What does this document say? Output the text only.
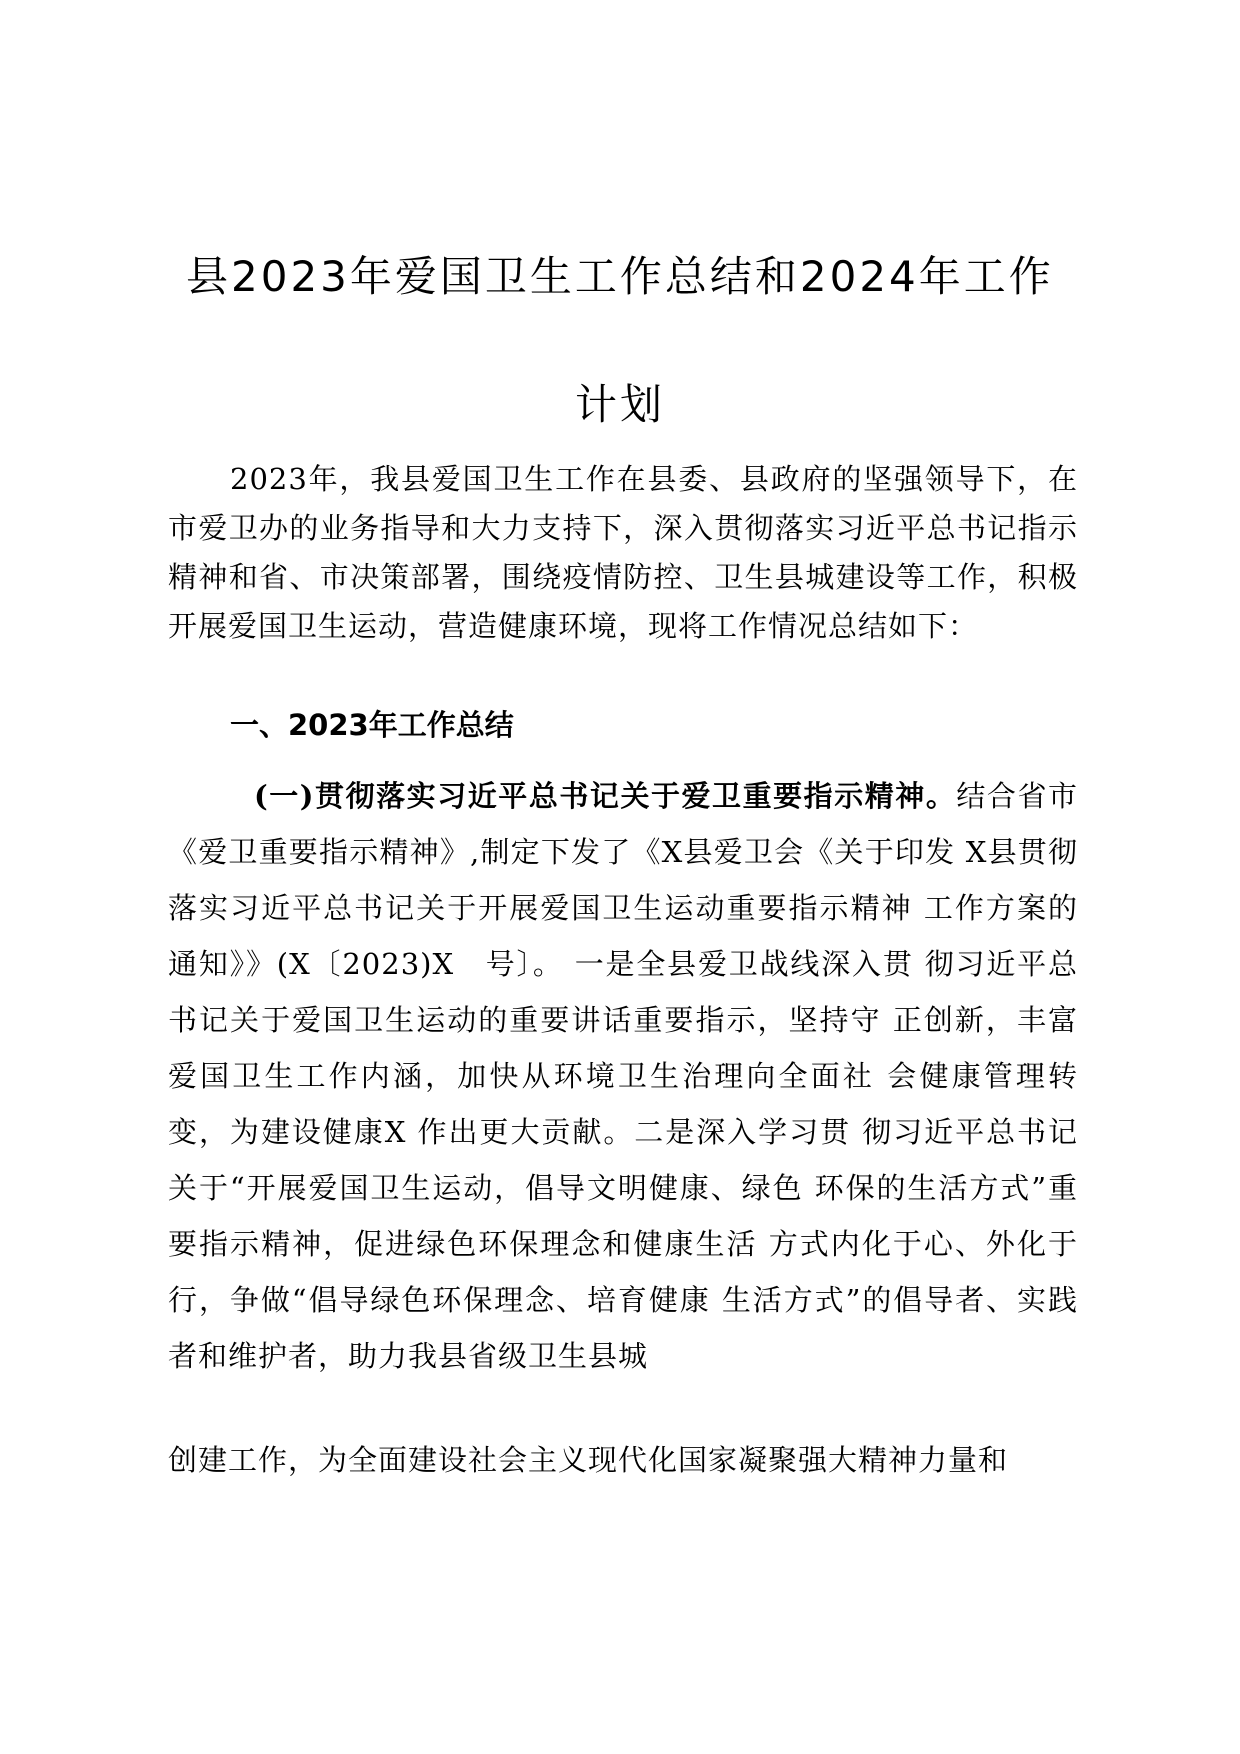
县2023年爱国卫生工作总结和2024年工作
计划

2023年，我县爱国卫生工作在县委、县政府的坚强领导下，在市爱卫办的业务指导和大力支持下，深入贯彻落实习近平总书记指示精神和省、市决策部署，围绕疫情防控、卫生县城建设等工作，积极开展爱国卫生运动，营造健康环境，现将工作情况总结如下：

一、2023年工作总结

(一)贯彻落实习近平总书记关于爱卫重要指示精神。结合省市《爱卫重要指示精神》,制定下发了《X县爱卫会《关于印发 X县贯彻落实习近平总书记关于开展爱国卫生运动重要指示精神 工作方案的通知》》(X〔2023)X　号〕。 一是全县爱卫战线深入贯 彻习近平总书记关于爱国卫生运动的重要讲话重要指示，坚持守 正创新，丰富爱国卫生工作内涵，加快从环境卫生治理向全面社 会健康管理转变，为建设健康X 作出更大贡献。二是深入学习贯 彻习近平总书记关于“开展爱国卫生运动，倡导文明健康、绿色 环保的生活方式”重要指示精神，促进绿色环保理念和健康生活 方式内化于心、外化于行，争做“倡导绿色环保理念、培育健康 生活方式”的倡导者、实践者和维护者，助力我县省级卫生县城

创建工作，为全面建设社会主义现代化国家凝聚强大精神力量和
